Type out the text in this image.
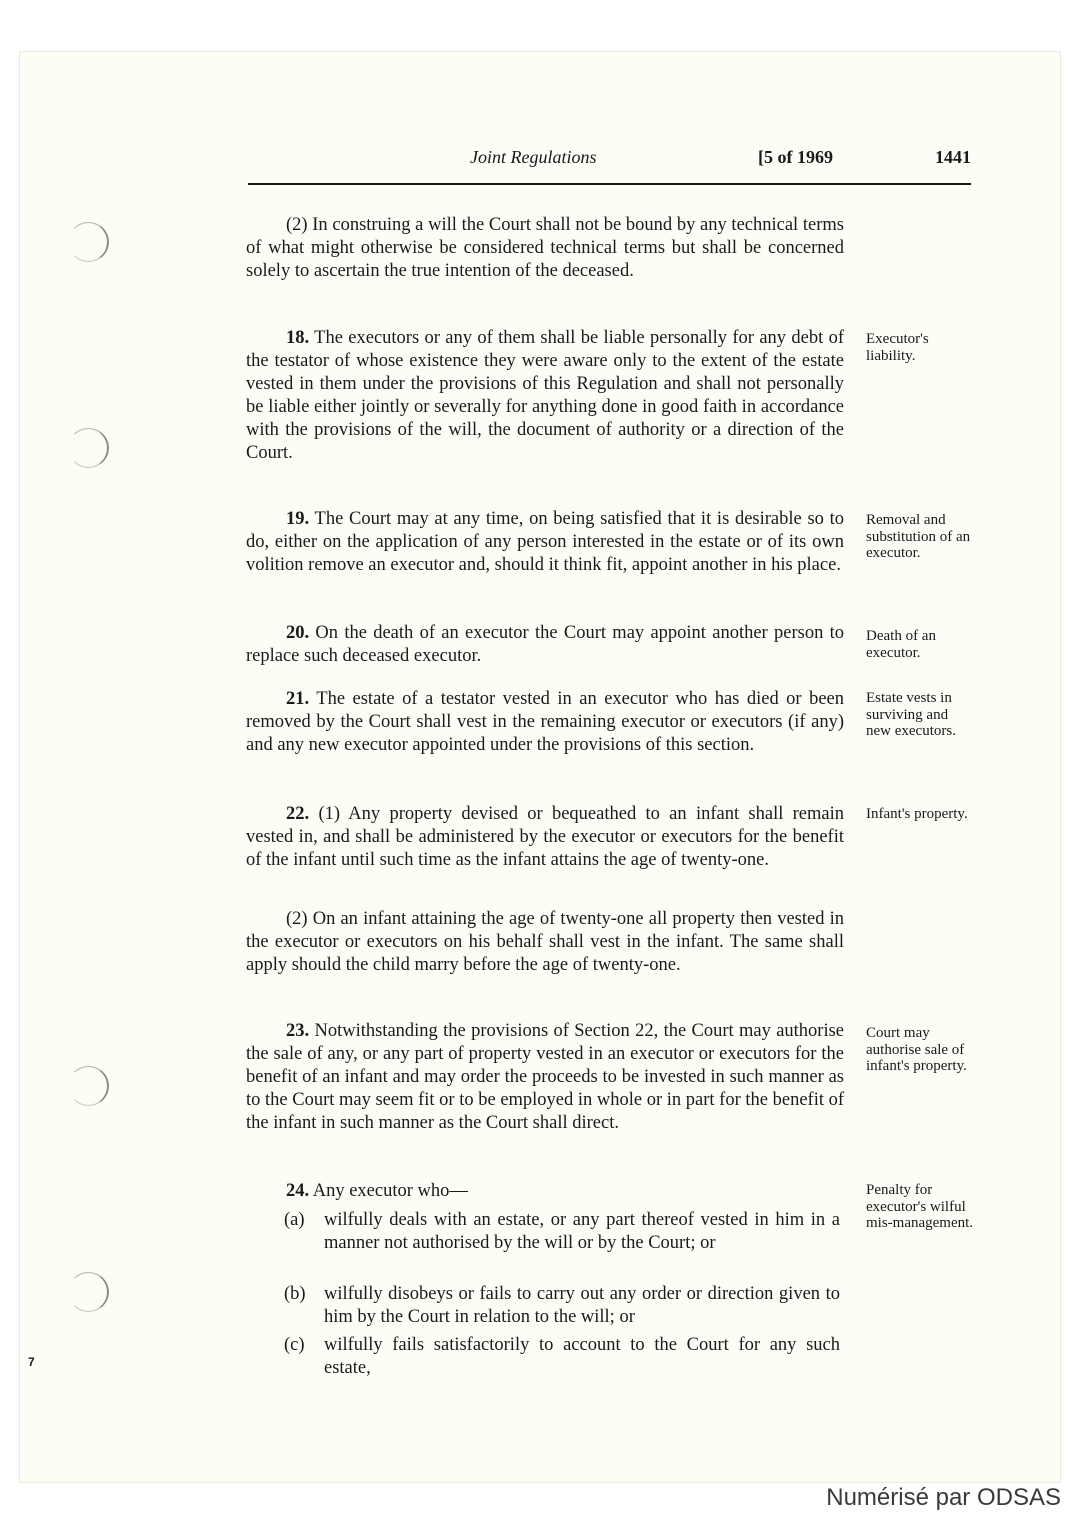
Joint Regulations	[5 of 1969	1441
(2) In construing a will the Court shall not be bound by any technical terms of what might otherwise be considered technical terms but shall be concerned solely to ascertain the true intention of the deceased.
18. The executors or any of them shall be liable personally for any debt of the testator of whose existence they were aware only to the extent of the estate vested in them under the provisions of this Regulation and shall not personally be liable either jointly or severally for anything done in good faith in accordance with the provisions of the will, the document of authority or a direction of the Court.
Executor's liability.
19. The Court may at any time, on being satisfied that it is desirable so to do, either on the application of any person interested in the estate or of its own volition remove an executor and, should it think fit, appoint another in his place.
Removal and substitution of an executor.
20. On the death of an executor the Court may appoint another person to replace such deceased executor.
Death of an executor.
21. The estate of a testator vested in an executor who has died or been removed by the Court shall vest in the remaining executor or executors (if any) and any new executor appointed under the provisions of this section.
Estate vests in surviving and new executors.
22. (1) Any property devised or bequeathed to an infant shall remain vested in, and shall be administered by the executor or executors for the benefit of the infant until such time as the infant attains the age of twenty-one.
Infant's property.
(2) On an infant attaining the age of twenty-one all property then vested in the executor or executors on his behalf shall vest in the infant. The same shall apply should the child marry before the age of twenty-one.
23. Notwithstanding the provisions of Section 22, the Court may authorise the sale of any, or any part of property vested in an executor or executors for the benefit of an infant and may order the proceeds to be invested in such manner as to the Court may seem fit or to be employed in whole or in part for the benefit of the infant in such manner as the Court shall direct.
Court may authorise sale of infant's property.
24. Any executor who—	Penalty for executor's wilful mis-management.
(a) wilfully deals with an estate, or any part thereof vested in him in a manner not authorised by the will or by the Court; or
(b) wilfully disobeys or fails to carry out any order or direction given to him by the Court in relation to the will; or
(c) wilfully fails satisfactorily to account to the Court for any such estate,
7
Numérisé par ODSAS
